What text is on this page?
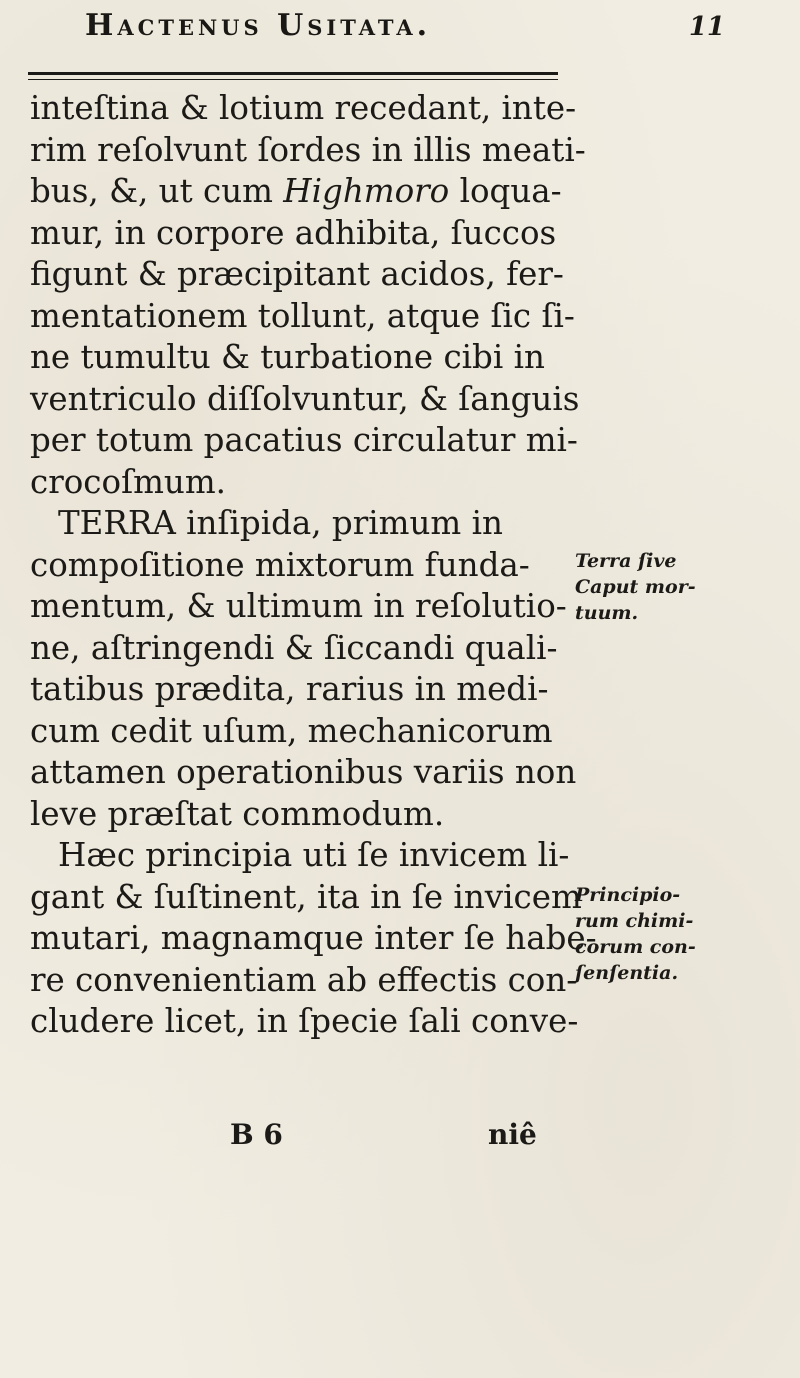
Hactenus Usitata.	11
inteſtina & lotium recedant, inte-
rim reſolvunt ſordes in illis meati-
bus, &, ut cum Highmoro loqua-
mur, in corpore adhibita, ſuccos
figunt & præcipitant acidos, fer-
mentationem tollunt, atque ſic ſi-
ne tumultu & turbatione cibi in
ventriculo diſſolvuntur, & ſanguis
per totum pacatius circulatur mi-
crocoſmum.
TERRA inſipida, primum in
compoſitione mixtorum funda-
mentum, & ultimum in reſolutio-
ne, aſtringendi & ſiccandi quali-
tatibus prædita, rarius in medi-
cum cedit uſum, mechanicorum
attamen operationibus variis non
leve præſtat commodum.
Hæc principia uti ſe invicem li-
gant & ſuſtinent, ita in ſe invicem
mutari, magnamque inter ſe habe-
re convenientiam ab effectis con-
cludere licet, in ſpecie ſali conve-
Terra ſive
Caput mor-
tuum.
Principio-
rum chimi-
corum con-
ſenſentia.
B 6	niê
